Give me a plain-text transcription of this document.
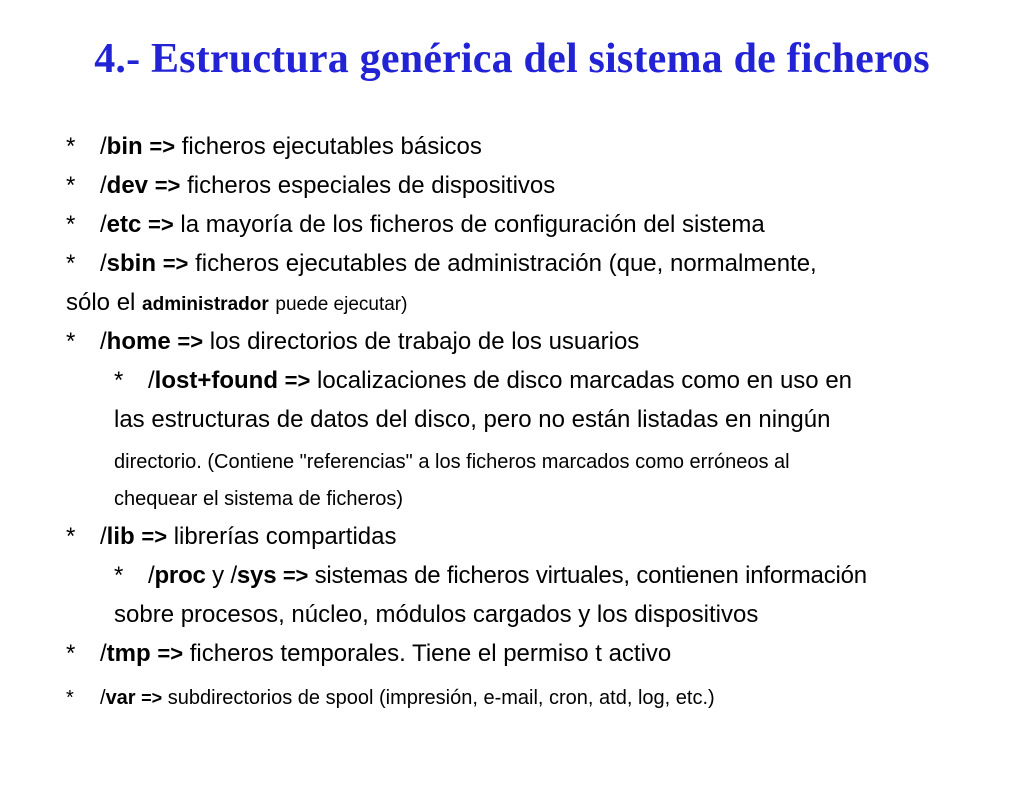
4.- Estructura genérica del sistema de ficheros
* /bin => ficheros ejecutables básicos
* /dev => ficheros especiales de dispositivos
* /etc => la mayoría de los ficheros de configuración del sistema
* /sbin => ficheros ejecutables de administración (que, normalmente,
sólo el administrador puede ejecutar)
* /home => los directorios de trabajo de los usuarios
* /lost+found => localizaciones de disco marcadas como en uso en
las estructuras de datos del disco, pero no están listadas en ningún
directorio. (Contiene "referencias" a los ficheros marcados como erróneos al
chequear el sistema de ficheros)
* /lib => librerías compartidas
* /proc y /sys => sistemas de ficheros virtuales, contienen información
sobre procesos, núcleo, módulos cargados y los dispositivos
* /tmp => ficheros temporales. Tiene el permiso t activo
* /var => subdirectorios de spool (impresión, e-mail, cron, atd, log, etc.)
